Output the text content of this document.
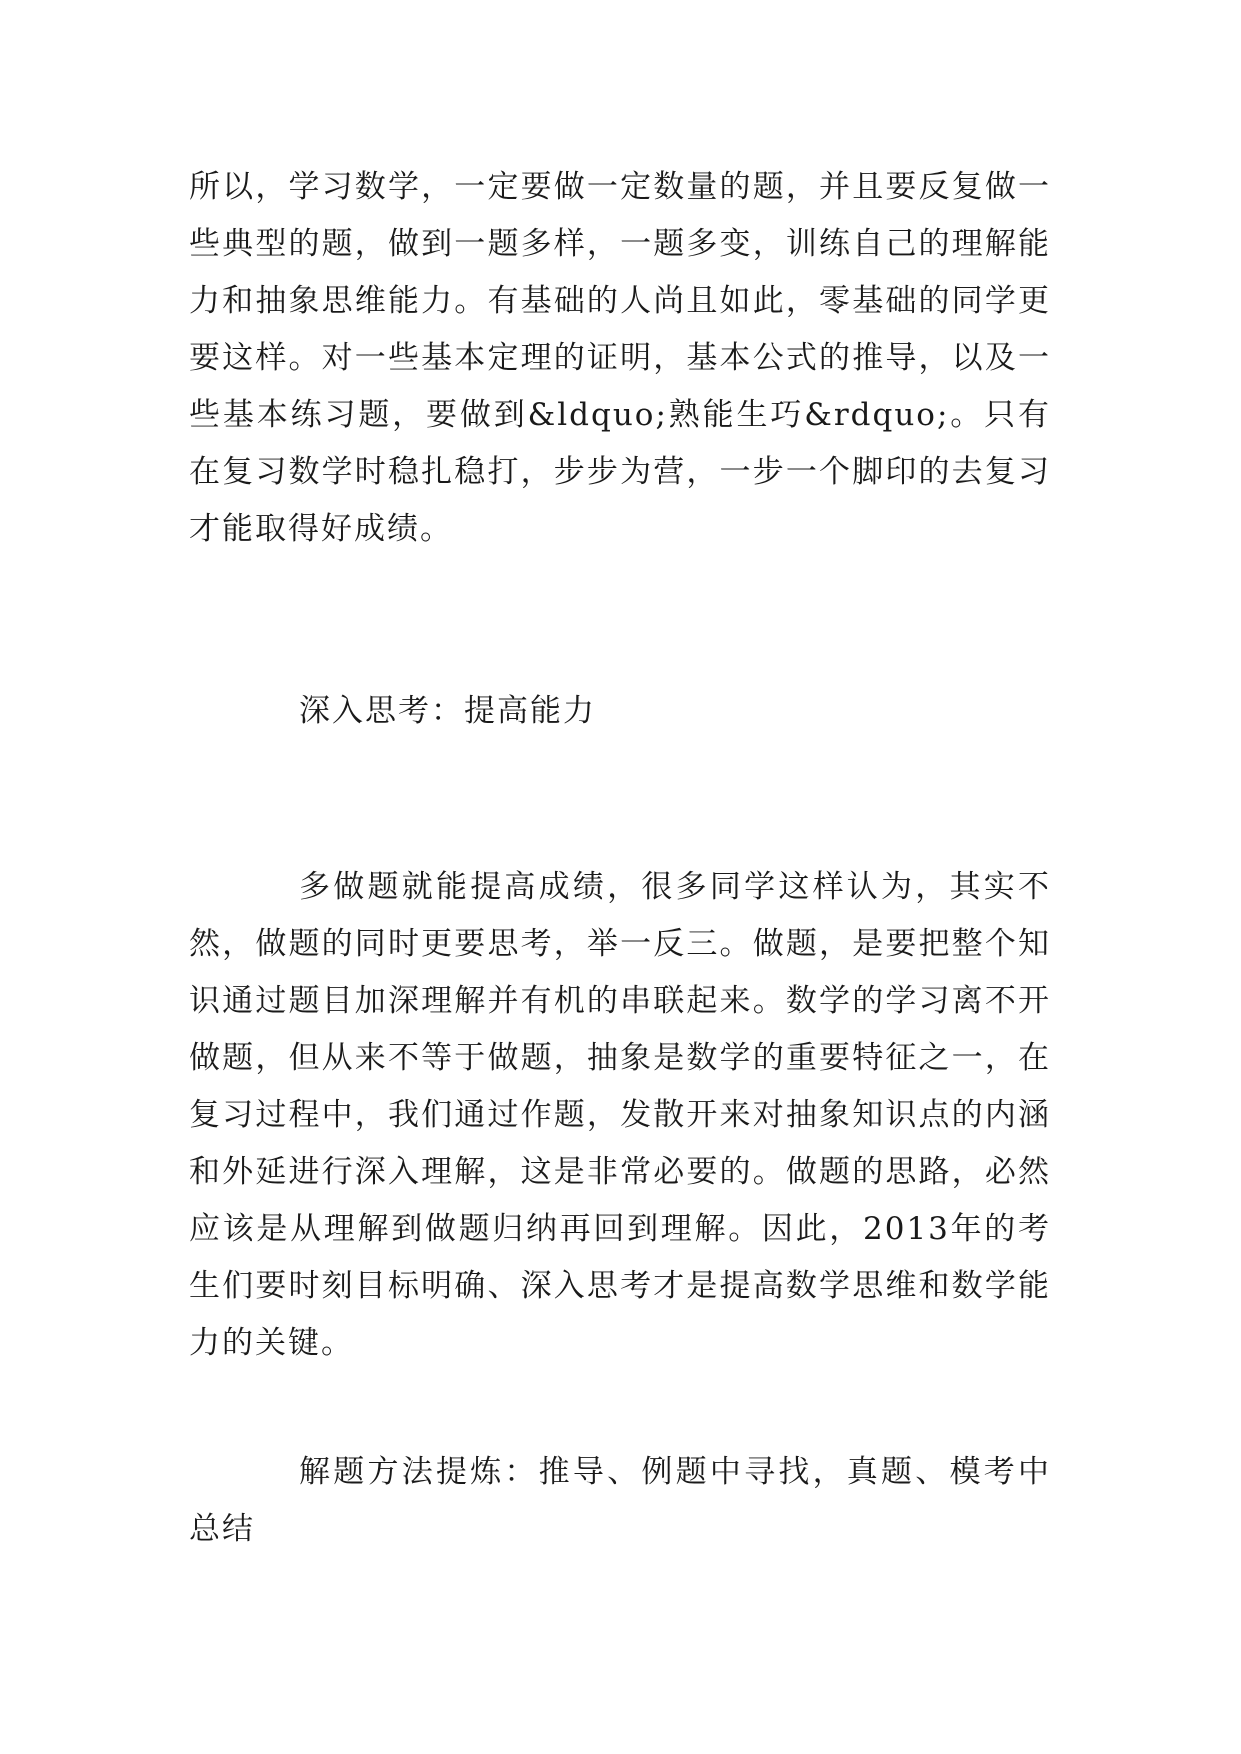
所以，学习数学，一定要做一定数量的题，并且要反复做一些典型的题，做到一题多样，一题多变，训练自己的理解能力和抽象思维能力。有基础的人尚且如此，零基础的同学更要这样。对一些基本定理的证明，基本公式的推导，以及一些基本练习题，要做到&ldquo;熟能生巧&rdquo;。只有在复习数学时稳扎稳打，步步为营，一步一个脚印的去复习才能取得好成绩。

深入思考：提高能力

多做题就能提高成绩，很多同学这样认为，其实不然，做题的同时更要思考，举一反三。做题，是要把整个知识通过题目加深理解并有机的串联起来。数学的学习离不开做题，但从来不等于做题，抽象是数学的重要特征之一，在复习过程中，我们通过作题，发散开来对抽象知识点的内涵和外延进行深入理解，这是非常必要的。做题的思路，必然应该是从理解到做题归纳再回到理解。因此，2013年的考生们要时刻目标明确、深入思考才是提高数学思维和数学能力的关键。

解题方法提炼：推导、例题中寻找，真题、模考中总结
